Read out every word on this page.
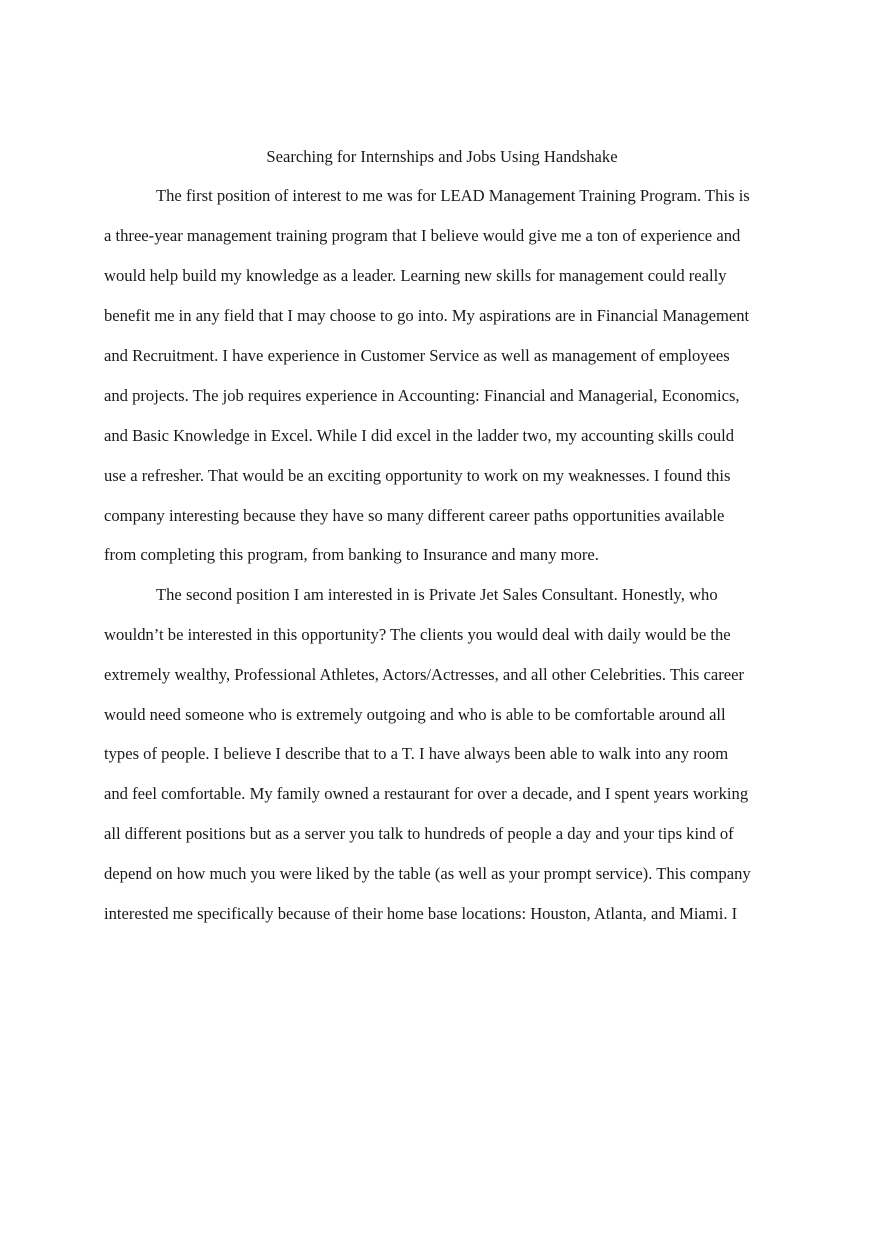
Searching for Internships and Jobs Using Handshake
The first position of interest to me was for LEAD Management Training Program. This is
a three-year management training program that I believe would give me a ton of experience and
would help build my knowledge as a leader. Learning new skills for management could really
benefit me in any field that I may choose to go into. My aspirations are in Financial Management
and Recruitment. I have experience in Customer Service as well as management of employees
and projects. The job requires experience in Accounting: Financial and Managerial, Economics,
and Basic Knowledge in Excel. While I did excel in the ladder two, my accounting skills could
use a refresher. That would be an exciting opportunity to work on my weaknesses. I found this
company interesting because they have so many different career paths opportunities available
from completing this program, from banking to Insurance and many more.
The second position I am interested in is Private Jet Sales Consultant. Honestly, who
wouldn’t be interested in this opportunity? The clients you would deal with daily would be the
extremely wealthy, Professional Athletes, Actors/Actresses, and all other Celebrities. This career
would need someone who is extremely outgoing and who is able to be comfortable around all
types of people. I believe I describe that to a T. I have always been able to walk into any room
and feel comfortable. My family owned a restaurant for over a decade, and I spent years working
all different positions but as a server you talk to hundreds of people a day and your tips kind of
depend on how much you were liked by the table (as well as your prompt service). This company
interested me specifically because of their home base locations: Houston, Atlanta, and Miami. I
